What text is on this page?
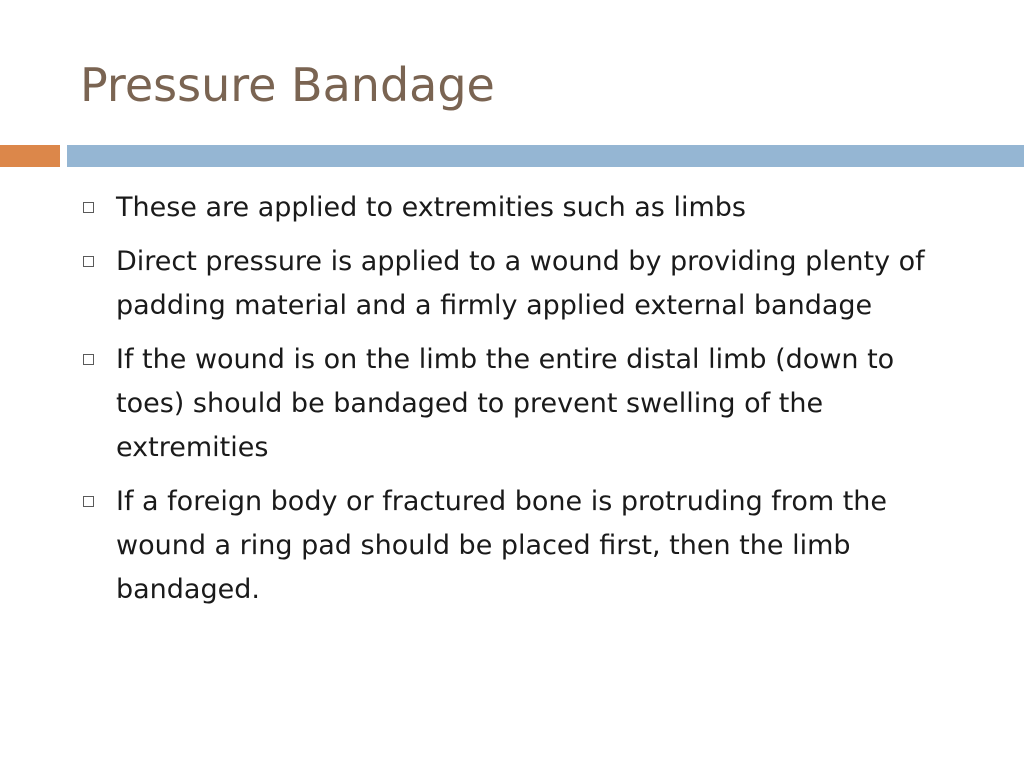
Pressure Bandage
These are applied to extremities such as limbs
Direct pressure is applied to a wound by providing plenty of padding material and a firmly applied external bandage
If the wound is on the limb the entire distal limb (down to toes) should be bandaged to prevent swelling of the extremities
If a foreign body or fractured bone is protruding from the wound a ring pad should be placed first, then the limb bandaged.
